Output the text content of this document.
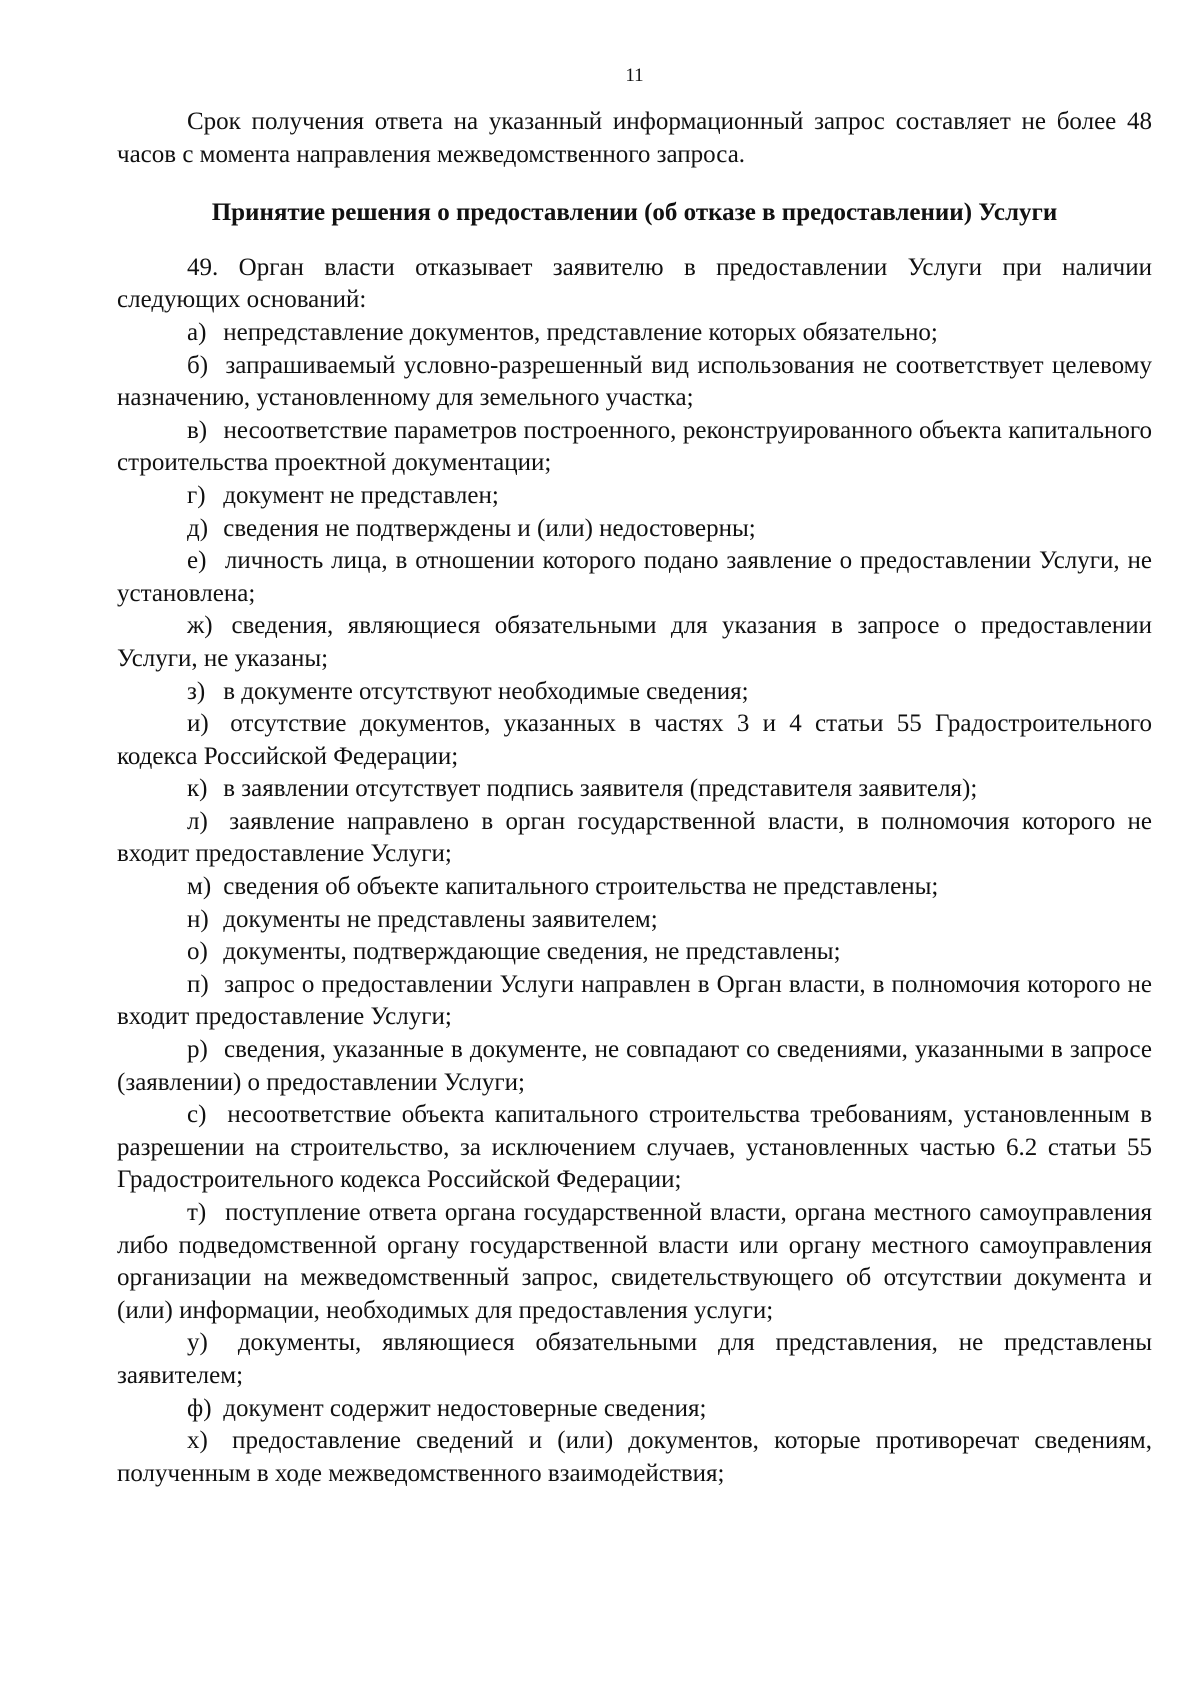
11

Срок получения ответа на указанный информационный запрос составляет не более 48 часов с момента направления межведомственного запроса.

Принятие решения о предоставлении (об отказе в предоставлении) Услуги

49. Орган власти отказывает заявителю в предоставлении Услуги при наличии следующих оснований:

а) непредставление документов, представление которых обязательно;

б) запрашиваемый условно-разрешенный вид использования не соответствует целевому назначению, установленному для земельного участка;

в) несоответствие параметров построенного, реконструированного объекта капитального строительства проектной документации;

г) документ не представлен;

д) сведения не подтверждены и (или) недостоверны;

е) личность лица, в отношении которого подано заявление о предоставлении Услуги, не установлена;

ж) сведения, являющиеся обязательными для указания в запросе о предоставлении Услуги, не указаны;

з) в документе отсутствуют необходимые сведения;

и) отсутствие документов, указанных в частях 3 и 4 статьи 55 Градостроительного кодекса Российской Федерации;

к) в заявлении отсутствует подпись заявителя (представителя заявителя);

л) заявление направлено в орган государственной власти, в полномочия которого не входит предоставление Услуги;

м) сведения об объекте капитального строительства не представлены;

н) документы не представлены заявителем;

о) документы, подтверждающие сведения, не представлены;

п) запрос о предоставлении Услуги направлен в Орган власти, в полномочия которого не входит предоставление Услуги;

р) сведения, указанные в документе, не совпадают со сведениями, указанными в запросе (заявлении) о предоставлении Услуги;

с) несоответствие объекта капитального строительства требованиям, установленным в разрешении на строительство, за исключением случаев, установленных частью 6.2 статьи 55 Градостроительного кодекса Российской Федерации;

т) поступление ответа органа государственной власти, органа местного самоуправления либо подведомственной органу государственной власти или органу местного самоуправления организации на межведомственный запрос, свидетельствующего об отсутствии документа и (или) информации, необходимых для предоставления услуги;

у) документы, являющиеся обязательными для представления, не представлены заявителем;

ф) документ содержит недостоверные сведения;

х) предоставление сведений и (или) документов, которые противоречат сведениям, полученным в ходе межведомственного взаимодействия;
